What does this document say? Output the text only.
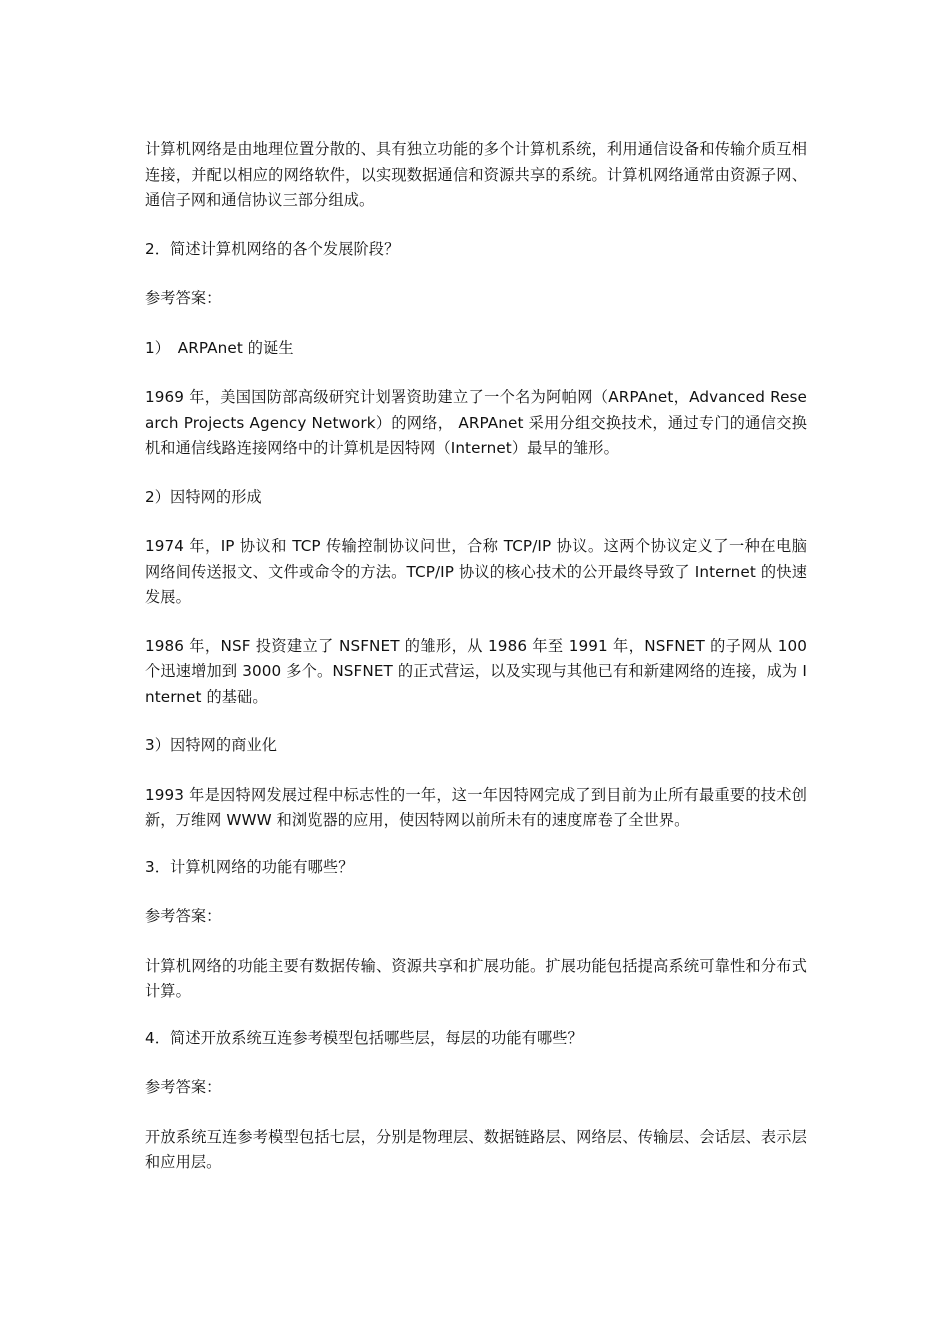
计算机网络是由地理位置分散的、具有独立功能的多个计算机系统，利用通信设备和传输介质互相连接，并配以相应的网络软件，以实现数据通信和资源共享的系统。计算机网络通常由资源子网、通信子网和通信协议三部分组成。

2．简述计算机网络的各个发展阶段？

参考答案：

1）　ARPAnet 的诞生

1969 年，美国国防部高级研究计划署资助建立了一个名为阿帕网（ARPAnet，Advanced Research Projects Agency Network）的网络， ARPAnet 采用分组交换技术，通过专门的通信交换机和通信线路连接网络中的计算机是因特网（Internet）最早的雏形。

2）因特网的形成

1974 年，IP 协议和 TCP 传输控制协议问世，合称 TCP/IP 协议。这两个协议定义了一种在电脑网络间传送报文、文件或命令的方法。TCP/IP 协议的核心技术的公开最终导致了 Internet 的快速发展。

1986 年，NSF 投资建立了 NSFNET 的雏形，从 1986 年至 1991 年，NSFNET 的子网从 100 个迅速增加到 3000 多个。NSFNET 的正式营运，以及实现与其他已有和新建网络的连接，成为 Internet 的基础。

3）因特网的商业化

1993 年是因特网发展过程中标志性的一年，这一年因特网完成了到目前为止所有最重要的技术创新，万维网 WWW 和浏览器的应用，使因特网以前所未有的速度席卷了全世界。

3．计算机网络的功能有哪些？

参考答案：

计算机网络的功能主要有数据传输、资源共享和扩展功能。扩展功能包括提高系统可靠性和分布式计算。

4．简述开放系统互连参考模型包括哪些层，每层的功能有哪些？

参考答案：

开放系统互连参考模型包括七层，分别是物理层、数据链路层、网络层、传输层、会话层、表示层和应用层。
